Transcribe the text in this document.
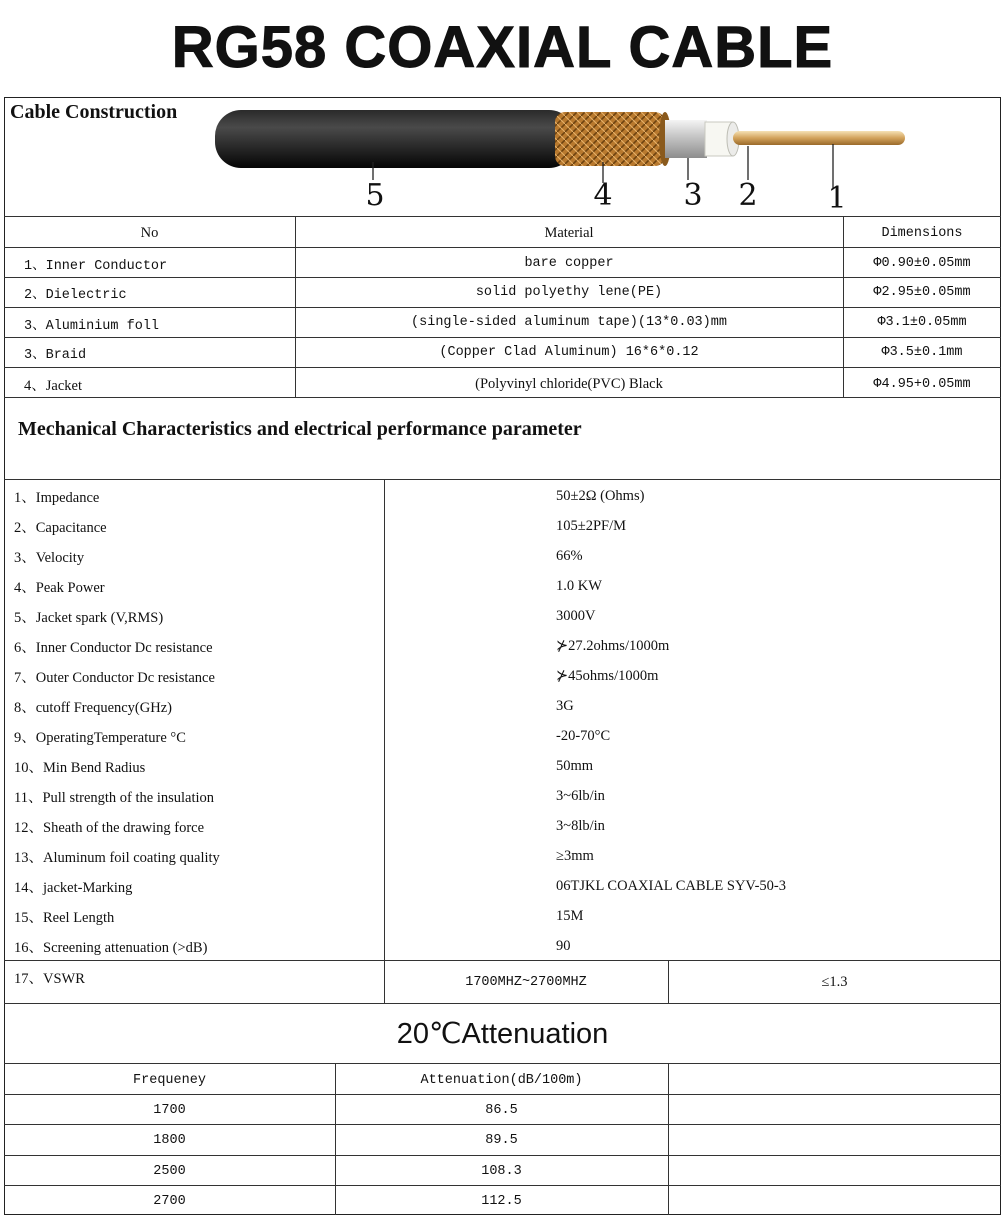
RG58 COAXIAL CABLE
Cable Construction
5	4 3 2 1
No	Material	Dimensions
1、Inner Conductor	bare copper	Φ0.90±0.05mm
2、Dielectric	solid polyethy lene(PE)	Φ2.95±0.05mm
3、Aluminium foll	(single-sided aluminum tape)(13*0.03)mm	Φ3.1±0.05mm
3、Braid	(Copper Clad Aluminum) 16*6*0.12	Φ3.5±0.1mm
4、Jacket	(Polyvinyl chloride(PVC) Black	Φ4.95+0.05mm
Mechanical Characteristics and electrical performance parameter
1、Impedance	50±2Ω (Ohms)
2、Capacitance	105±2PF/M
3、Velocity	66%
4、Peak Power	1.0 KW
5、Jacket spark (V,RMS)	3000V
6、Inner Conductor Dc resistance	⊁27.2ohms/1000m
7、Outer Conductor Dc resistance	⊁45ohms/1000m
8、cutoff Frequency(GHz)	3G
9、OperatingTemperature °C	-20-70°C
10、Min Bend Radius	50mm
11、Pull strength of the insulation	3~6lb/in
12、Sheath of the drawing force	3~8lb/in
13、Aluminum foil coating quality	≥3mm
14、jacket-Marking	06TJKL COAXIAL CABLE SYV-50-3
15、Reel Length	15M
16、Screening attenuation (>dB)	90
17、VSWR	1700MHZ~2700MHZ	≤1.3
20℃Attenuation
Frequeney	Attenuation(dB/100m)
1700	86.5
1800	89.5
2500	108.3
2700	112.5
